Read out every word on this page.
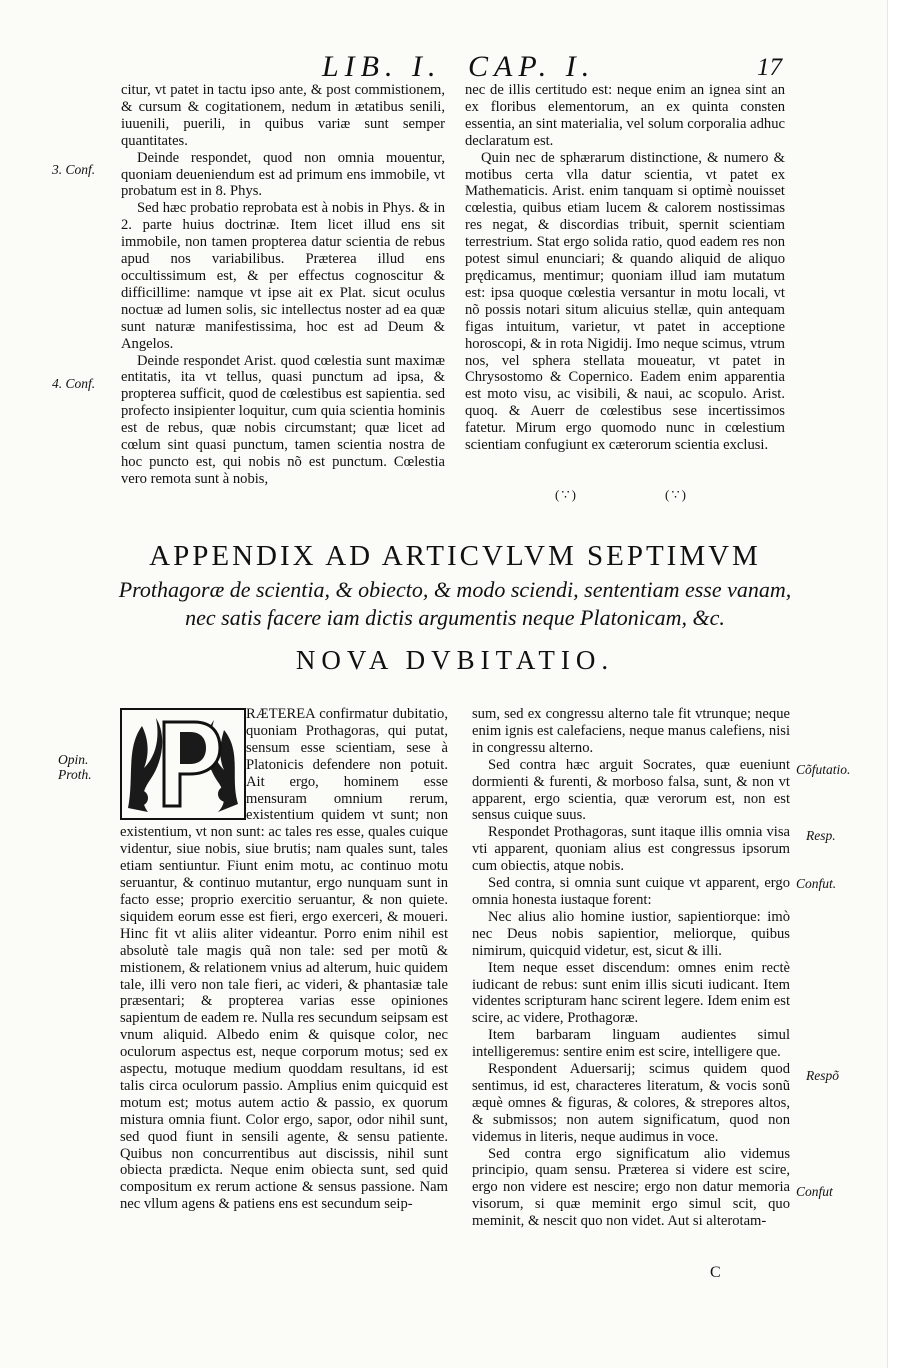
LIB. I. CAP. I.	17

citur, vt patet in tactu ipso ante, & post commistionem, & cursum & cogitationem, nedum in ætatibus senili, iuuenili, puerili, in quibus variæ sunt semper quantitates.

Deinde respondet, quod non omnia mouentur, quoniam deueniendum est ad primum ens immobile, vt probatum est in 8. Phys.

Sed hæc probatio reprobata est à nobis in Phys. & in 2. parte huius doctrinæ. Item licet illud ens sit immobile, non tamen propterea datur scientia de rebus apud nos variabilibus. Præterea illud ens occultissimum est, & per effectus cognoscitur & difficillime: namque vt ipse ait ex Plat. sicut oculus noctuæ ad lumen solis, sic intellectus noster ad ea quæ sunt naturæ manifestissima, hoc est ad Deum & Angelos.

Deinde respondet Arist. quod cœlestia sunt maximæ entitatis, ita vt tellus, quasi punctum ad ipsa, & propterea sufficit, quod de cœlestibus est sapientia. sed profecto insipienter loquitur, cum quia scientia hominis est de rebus, quæ nobis circumstant; quæ licet ad cœlum sint quasi punctum, tamen scientia nostra de hoc puncto est, qui nobis nõ est punctum. Cœlestia vero remota sunt à nobis,

3. Conf.
4. Conf.

nec de illis certitudo est: neque enim an ignea sint an ex floribus elementorum, an ex quinta consten essentia, an sint materialia, vel solum corporalia adhuc declaratum est.

Quin nec de sphærarum distinctione, & numero & motibus certa vlla datur scientia, vt patet ex Mathematicis. Arist. enim tanquam si optimè nouisset cœlestia, quibus etiam lucem & calorem nostissimas res negat, & discordias tribuit, spernit scientiam terrestrium. Stat ergo solida ratio, quod eadem res non potest simul enunciari; & quando aliquid de aliquo prędicamus, mentimur; quoniam illud iam mutatum est: ipsa quoque cœlestia versantur in motu locali, vt nõ possis notari situm alicuius stellæ, quin antequam figas intuitum, varietur, vt patet in acceptione horoscopi, & in rota Nigidij. Imo neque scimus, vtrum nos, vel sphera stellata moueatur, vt patet in Chrysostomo & Copernico. Eadem enim apparentia est moto visu, ac visibili, & naui, ac scopulo. Arist. quoq. & Auerr de cœlestibus sese incertissimos fatetur. Mirum ergo quomodo nunc in cœlestium scientiam confugiunt ex cæterorum scientia exclusi.

(∵)	(∵)
APPENDIX AD ARTICVLVM SEPTIMVM
Prothagoræ de scientia, & obiecto, & modo sciendi, sententiam esse vanam, nec satis facere iam dictis argumentis neque Platonicam, &c.
NOVA DVBITATIO.

RÆTEREA confirmatur dubitatio, quoniam Prothagoras, qui putat, sensum esse scientiam, sese à Platonicis defendere non potuit. Ait ergo, hominem esse mensuram omnium rerum, existentium quidem vt sunt; non existentium, vt non sunt: ac tales res esse, quales cuique videntur, siue nobis, siue brutis; nam quales sunt, tales etiam sentiuntur. Fiunt enim motu, ac continuo motu seruantur, & continuo mutantur, ergo nunquam sunt in facto esse; proprio exercitio seruantur, & non quiete. siquidem eorum esse est fieri, ergo exerceri, & moueri. Hinc fit vt aliis aliter videantur. Porro enim nihil est absolutè tale magis quã non tale: sed per motũ & mistionem, & relationem vnius ad alterum, huic quidem tale, illi vero non tale fieri, ac videri, & phantasiæ tale præsentari; & propterea varias esse opiniones sapientum de eadem re. Nulla res secundum seipsam est vnum aliquid. Albedo enim & quisque color, nec oculorum aspectus est, neque corporum motus; sed ex aspectu, motuque medium quoddam resultans, id est talis circa oculorum passio. Amplius enim quicquid est motum est; motus autem actio & passio, ex quorum mistura omnia fiunt. Color ergo, sapor, odor nihil sunt, sed quod fiunt in sensili agente, & sensu patiente. Quibus non concurrentibus aut discissis, nihil sunt obiecta prædicta. Neque enim obiecta sunt, sed quid compositum ex rerum actione & sensus passione. Nam nec vllum agens & patiens ens est secundum seip-

Opin. Proth.

sum, sed ex congressu alterno tale fit vtrunque; neque enim ignis est calefaciens, neque manus calefiens, nisi in congressu alterno.

Sed contra hæc arguit Socrates, quæ eueniunt dormienti & furenti, & morboso falsa, sunt, & non vt apparent, ergo scientia, quæ verorum est, non est sensus cuique suus.

Respondet Prothagoras, sunt itaque illis omnia visa vti apparent, quoniam alius est congressus ipsorum cum obiectis, atque nobis.

Sed contra, si omnia sunt cuique vt apparent, ergo omnia honesta iustaque forent:

Nec alius alio homine iustior, sapientiorque: imò nec Deus nobis sapientior, meliorque, quibus nimirum, quicquid videtur, est, sicut & illi.

Item neque esset discendum: omnes enim rectè iudicant de rebus: sunt enim illis sicuti iudicant. Item videntes scripturam hanc scirent legere. Idem enim est scire, ac videre, Prothagoræ.

Item barbaram linguam audientes simul intelligeremus: sentire enim est scire, intelligere que.

Respondent Aduersarij; scimus quidem quod sentimus, id est, characteres literatum, & vocis sonũ æquè omnes & figuras, & colores, & strepores altos, & submissos; non autem significatum, quod non videmus in literis, neque audimus in voce.

Sed contra ergo significatum alio videmus principio, quam sensu. Præterea si videre est scire, ergo non videre est nescire; ergo non datur memoria visorum, si quæ meminit ergo simul scit, quo meminit, & nescit quo non videt. Aut si alterotam-

Cõfutatio.
Resp.
Confut.
Respõ
Confut
C
